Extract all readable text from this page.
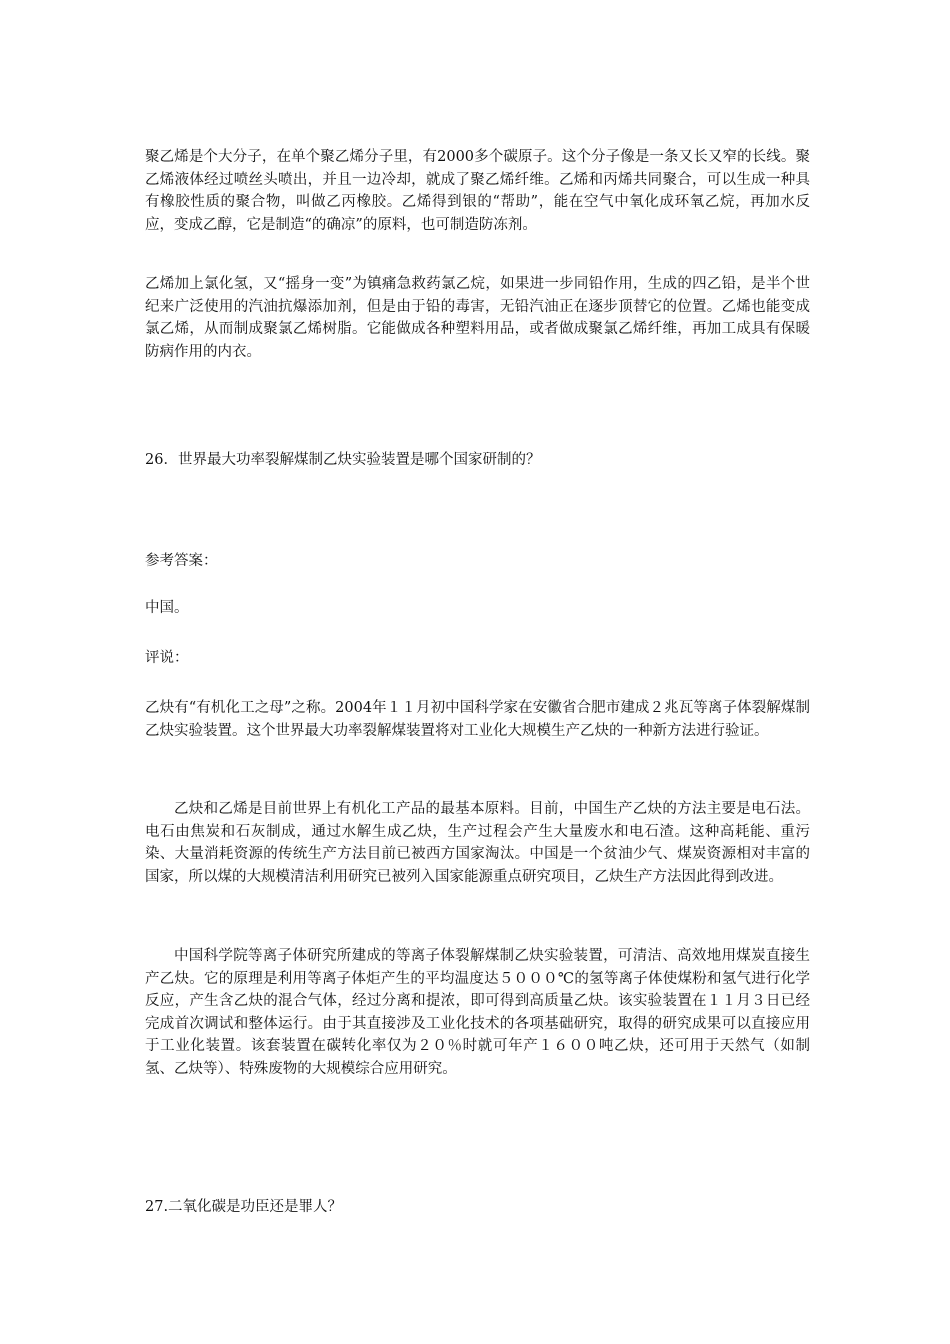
聚乙烯是个大分子，在单个聚乙烯分子里，有2000多个碳原子。这个分子像是一条又长又窄的长线。聚乙烯液体经过喷丝头喷出，并且一边冷却，就成了聚乙烯纤维。乙烯和丙烯共同聚合，可以生成一种具有橡胶性质的聚合物，叫做乙丙橡胶。乙烯得到银的“帮助”，能在空气中氧化成环氧乙烷，再加水反应，变成乙醇，它是制造“的确凉”的原料，也可制造防冻剂。

乙烯加上氯化氢，又“摇身一变”为镇痛急救药氯乙烷，如果进一步同铅作用，生成的四乙铅，是半个世纪来广泛使用的汽油抗爆添加剂，但是由于铅的毒害，无铅汽油正在逐步顶替它的位置。乙烯也能变成氯乙烯，从而制成聚氯乙烯树脂。它能做成各种塑料用品，或者做成聚氯乙烯纤维，再加工成具有保暖防病作用的内衣。

26．世界最大功率裂解煤制乙炔实验装置是哪个国家研制的？

参考答案：

中国。

评说：

乙炔有“有机化工之母”之称。2004年１１月初中国科学家在安徽省合肥市建成２兆瓦等离子体裂解煤制乙炔实验装置。这个世界最大功率裂解煤装置将对工业化大规模生产乙炔的一种新方法进行验证。

乙炔和乙烯是目前世界上有机化工产品的最基本原料。目前，中国生产乙炔的方法主要是电石法。电石由焦炭和石灰制成，通过水解生成乙炔，生产过程会产生大量废水和电石渣。这种高耗能、重污染、大量消耗资源的传统生产方法目前已被西方国家淘汰。中国是一个贫油少气、煤炭资源相对丰富的国家，所以煤的大规模清洁利用研究已被列入国家能源重点研究项目，乙炔生产方法因此得到改进。

中国科学院等离子体研究所建成的等离子体裂解煤制乙炔实验装置，可清洁、高效地用煤炭直接生产乙炔。它的原理是利用等离子体炬产生的平均温度达５０００℃的氢等离子体使煤粉和氢气进行化学反应，产生含乙炔的混合气体，经过分离和提浓，即可得到高质量乙炔。该实验装置在１１月３日已经完成首次调试和整体运行。由于其直接涉及工业化技术的各项基础研究，取得的研究成果可以直接应用于工业化装置。该套装置在碳转化率仅为２０％时就可年产１６００吨乙炔，还可用于天然气（如制氢、乙炔等）、特殊废物的大规模综合应用研究。

27.二氧化碳是功臣还是罪人？
